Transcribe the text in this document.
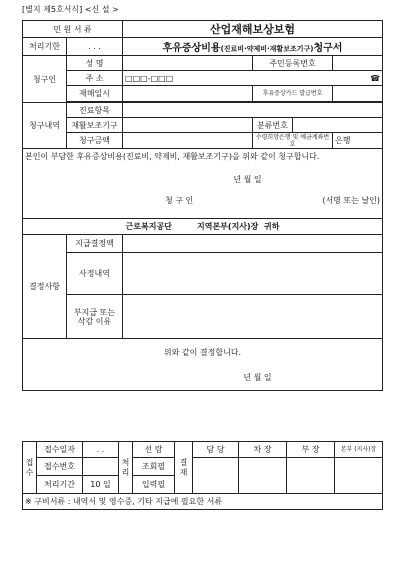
[별지 제5호서식] <신 설 >
민 원 서 류		산업재해보상보험			
처리기한	. . .	후유증상비용(진료비·약제비·재활보조기구)청구서			
청구인	성 명		주민등록번호		
	주 소	□□□-□□□ ☎			

	재해일시		후유증상카드 발급번호		

청구내역	진료항목				
	재활보조기구		분류번호		
	청구금액		수령희망은행 및 예금계좌번호		은행

본인이 부담한 후유증상비용(진료비, 약제비, 재활보조기구)을 위와 같이 청구합니다.
년 월 일
청 구 인 (서명 또는 날인)					

근로복지공단 지역본부(지사)장 귀하					
결정사항	지급결정액				
	사정내역				
	부지급 또는 삭감 이유				

위와 같이 결정합니다.
년 월 일					
접수	접수일자	. .	처리	선 람	결재	담 당	차 장	부 장	본부 (지사)장
	접수번호			조회필					
	처리기간	10 일		입력필					
※ 구비서류 : 내역서 및 영수증, 기타 지급에 필요한 서류									
